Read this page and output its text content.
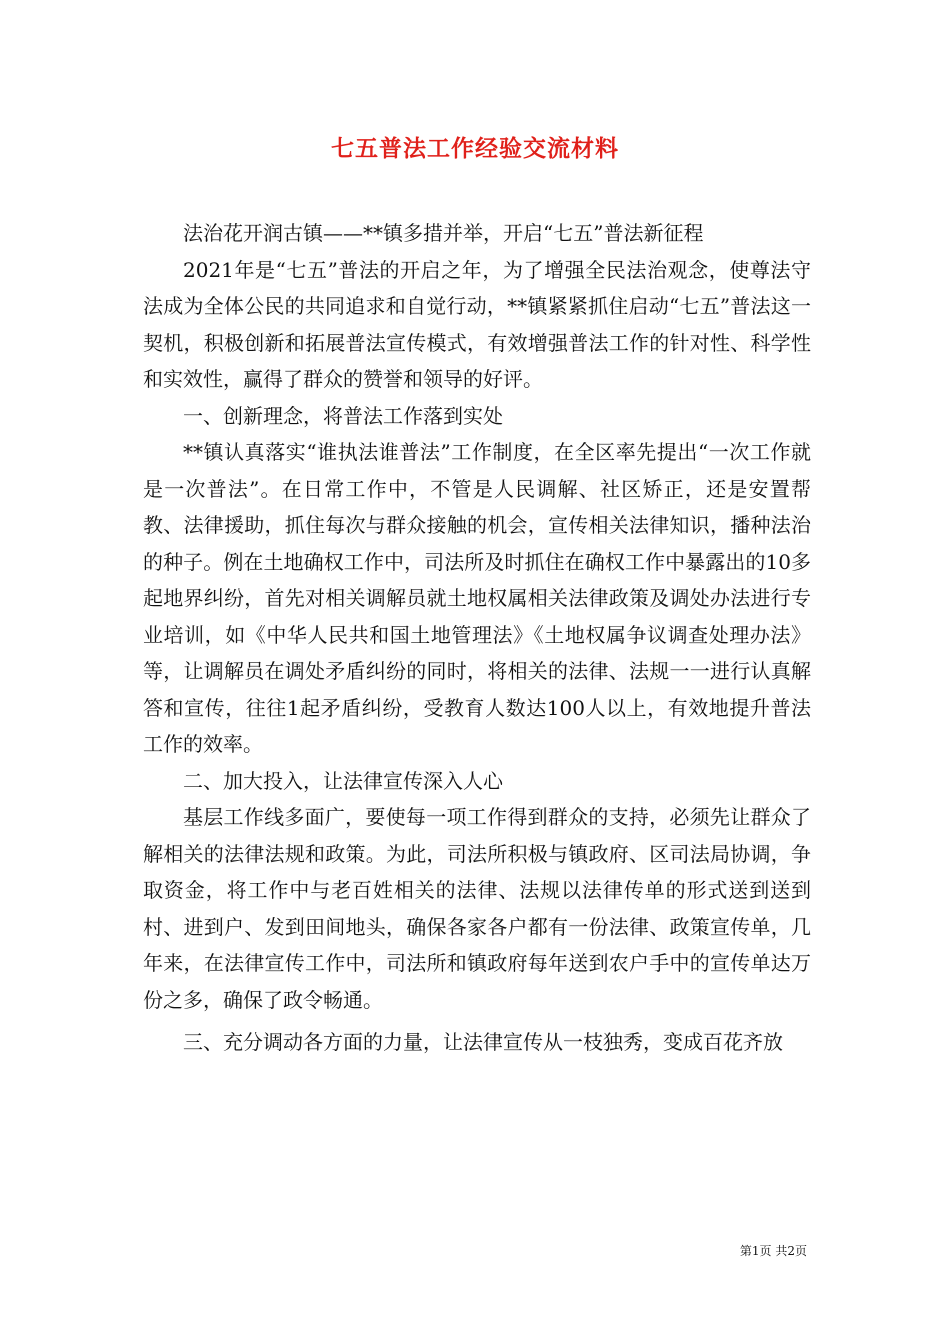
七五普法工作经验交流材料

法治花开润古镇——**镇多措并举，开启“七五”普法新征程

2021年是“七五”普法的开启之年，为了增强全民法治观念，使尊法守法成为全体公民的共同追求和自觉行动，**镇紧紧抓住启动“七五”普法这一契机，积极创新和拓展普法宣传模式，有效增强普法工作的针对性、科学性和实效性，赢得了群众的赞誉和领导的好评。

一、创新理念，将普法工作落到实处

**镇认真落实“谁执法谁普法”工作制度，在全区率先提出“一次工作就是一次普法”。在日常工作中，不管是人民调解、社区矫正，还是安置帮教、法律援助，抓住每次与群众接触的机会，宣传相关法律知识，播种法治的种子。例在土地确权工作中，司法所及时抓住在确权工作中暴露出的10多起地界纠纷，首先对相关调解员就土地权属相关法律政策及调处办法进行专业培训，如《中华人民共和国土地管理法》《土地权属争议调查处理办法》等，让调解员在调处矛盾纠纷的同时，将相关的法律、法规一一进行认真解答和宣传，往往1起矛盾纠纷，受教育人数达100人以上，有效地提升普法工作的效率。

二、加大投入，让法律宣传深入人心

基层工作线多面广，要使每一项工作得到群众的支持，必须先让群众了解相关的法律法规和政策。为此，司法所积极与镇政府、区司法局协调，争取资金，将工作中与老百姓相关的法律、法规以法律传单的形式送到送到村、进到户、发到田间地头，确保各家各户都有一份法律、政策宣传单，几年来，在法律宣传工作中，司法所和镇政府每年送到农户手中的宣传单达万份之多，确保了政令畅通。

三、充分调动各方面的力量，让法律宣传从一枝独秀，变成百花齐放

第1页 共2页
